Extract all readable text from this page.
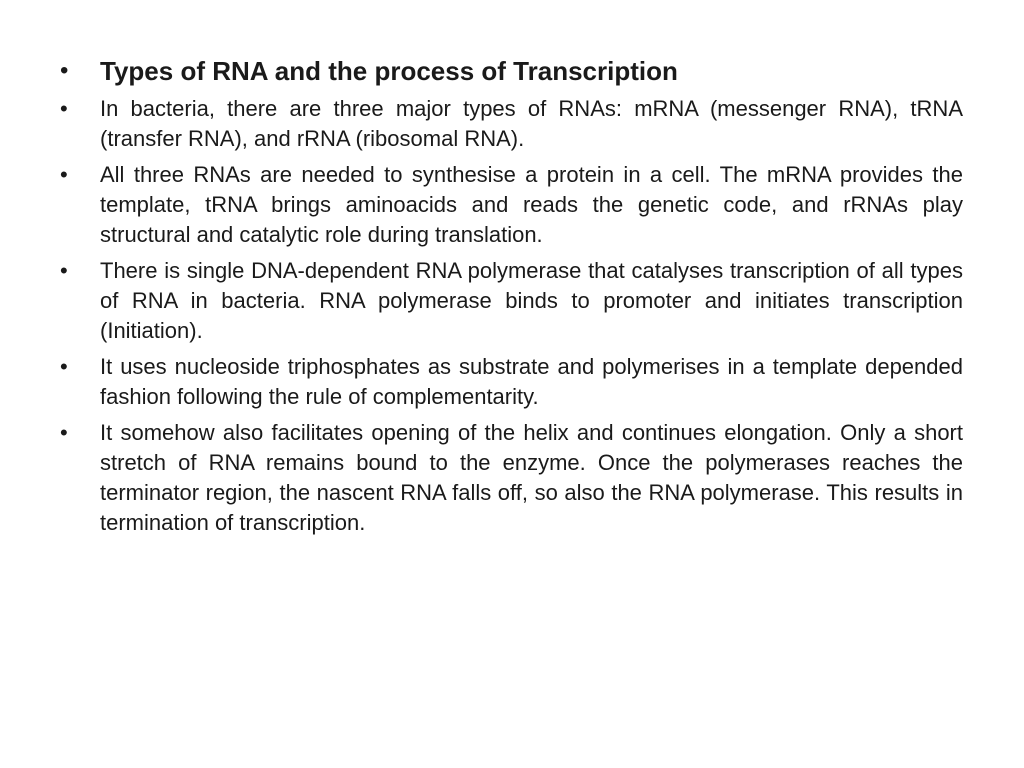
•	Types of RNA and the process of Transcription
•	In bacteria, there are three major types of RNAs: mRNA (messenger RNA), tRNA (transfer RNA), and rRNA (ribosomal RNA).
•	All three RNAs are needed to synthesise a protein in a cell. The mRNA provides the template, tRNA brings aminoacids and reads the genetic code, and rRNAs play structural and catalytic role during translation.
•	There is single DNA-dependent RNA polymerase that catalyses transcription of all types of RNA in bacteria. RNA polymerase binds to promoter and initiates transcription (Initiation).
•	It uses nucleoside triphosphates as substrate and polymerises in a template depended fashion following the rule of complementarity.
•	It somehow also facilitates opening of the helix and continues elongation. Only a short stretch of RNA remains bound to the enzyme. Once the polymerases reaches the terminator region, the nascent RNA falls off, so also the RNA polymerase. This results in termination of transcription.
